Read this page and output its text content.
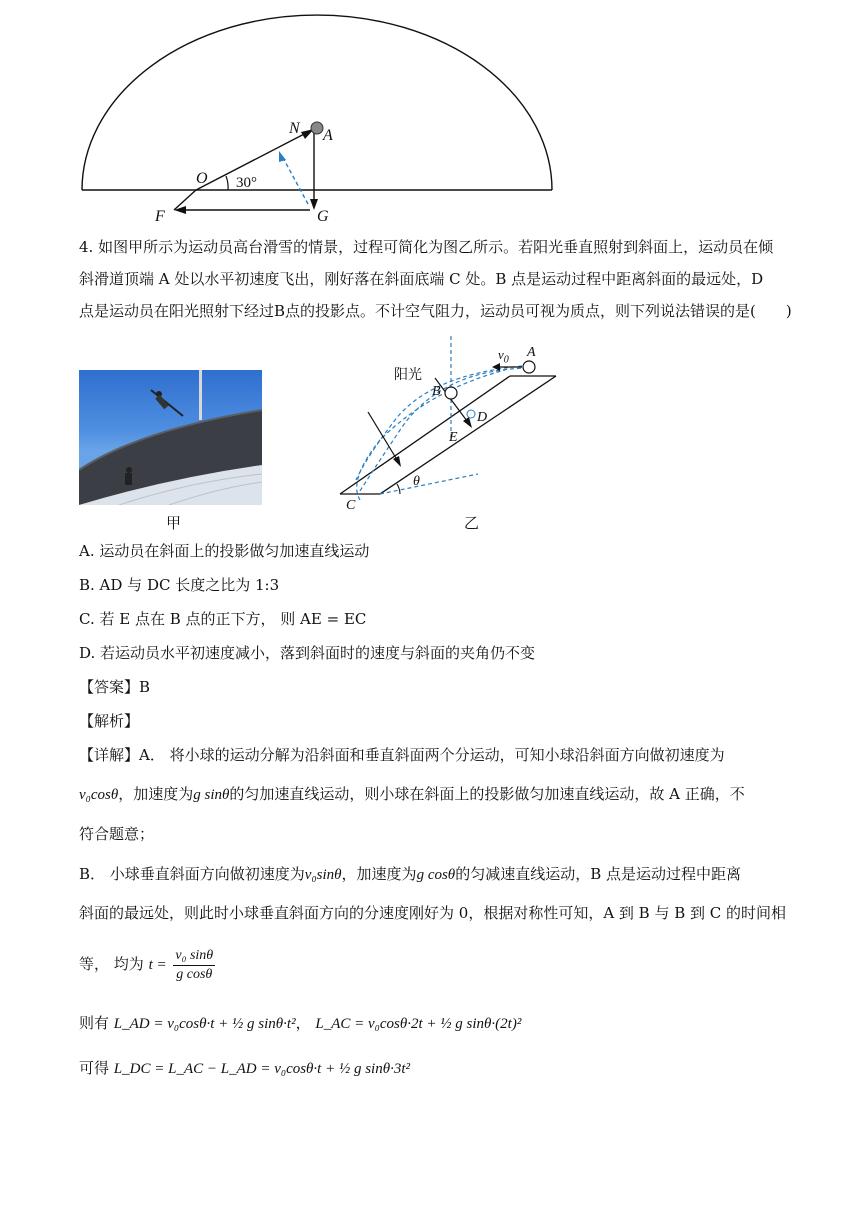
N A
O 30°
F	G
4. 如图甲所示为运动员高台滑雪的情景，过程可简化为图乙所示。若阳光垂直照射到斜面上，运动员在倾
斜滑道顶端 A 处以水平初速度飞出，刚好落在斜面底端 C 处。B 点是运动过程中距离斜面的最远处，D
点是运动员在阳光照射下经过B点的投影点。不计空气阻力，运动员可视为质点，则下列说法错误的是(　　)
甲
阳光
$v_0$
A
B
D
E
C
θ
乙
A. 运动员在斜面上的投影做匀加速直线运动
B. AD 与 DC 长度之比为 1:3
C. 若 E 点在 B 点的正下方， 则 AE = EC
D. 若运动员水平初速度减小，落到斜面时的速度与斜面的夹角仍不变
【答案】B
【解析】
【详解】A． 将小球的运动分解为沿斜面和垂直斜面两个分运动，可知小球沿斜面方向做初速度为
v₀cosθ，加速度为g sinθ的匀加速直线运动，则小球在斜面上的投影做匀加速直线运动，故 A 正确，不
符合题意；
B． 小球垂直斜面方向做初速度为v₀sinθ，加速度为g cosθ的匀减速直线运动，B 点是运动过程中距离
斜面的最远处，则此时小球垂直斜面方向的分速度刚好为 0，根据对称性可知，A 到 B 与 B 到 C 的时间相
等， 均为 $t = \frac{\text{v₀ sinθ}}{\text{g cosθ}}$
则有 L_AD = v₀cosθ·t + ½ g sinθ·t²， L_AC = v₀cosθ·2t + ½ g sinθ·(2t)²
可得 L_DC = L_AC − L_AD = v₀cosθ·t + ½ g sinθ·3t²
